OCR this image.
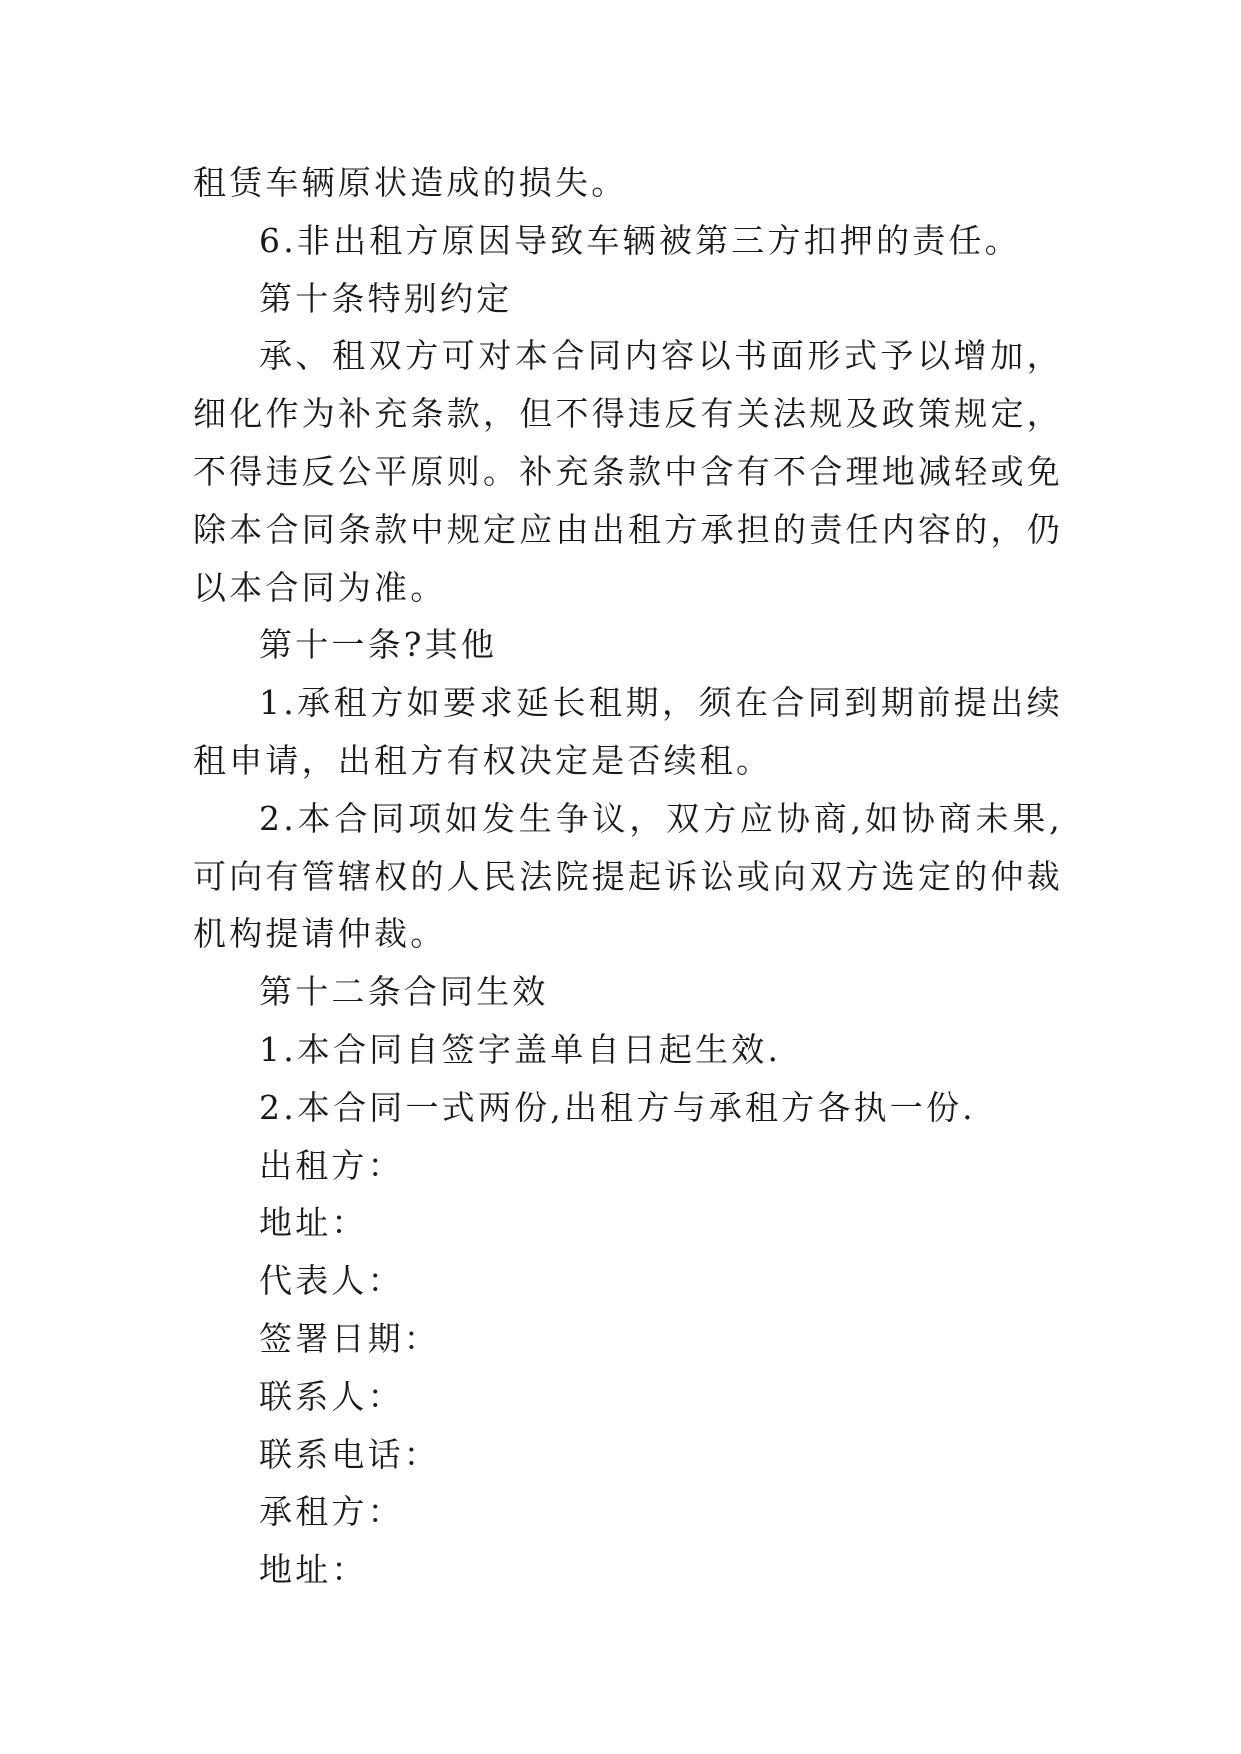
租赁车辆原状造成的损失。

6.非出租方原因导致车辆被第三方扣押的责任。

第十条特别约定

承、租双方可对本合同内容以书面形式予以增加，细化作为补充条款，但不得违反有关法规及政策规定，不得违反公平原则。补充条款中含有不合理地减轻或免除本合同条款中规定应由出租方承担的责任内容的，仍以本合同为准。

第十一条?其他

1.承租方如要求延长租期，须在合同到期前提出续租申请，出租方有权决定是否续租。

2.本合同项如发生争议，双方应协商,如协商未果,可向有管辖权的人民法院提起诉讼或向双方选定的仲裁机构提请仲裁。

第十二条合同生效

1.本合同自签字盖单自日起生效.

2.本合同一式两份,出租方与承租方各执一份.

出租方：

地址：

代表人：

签署日期：

联系人：

联系电话：

承租方：

地址：
